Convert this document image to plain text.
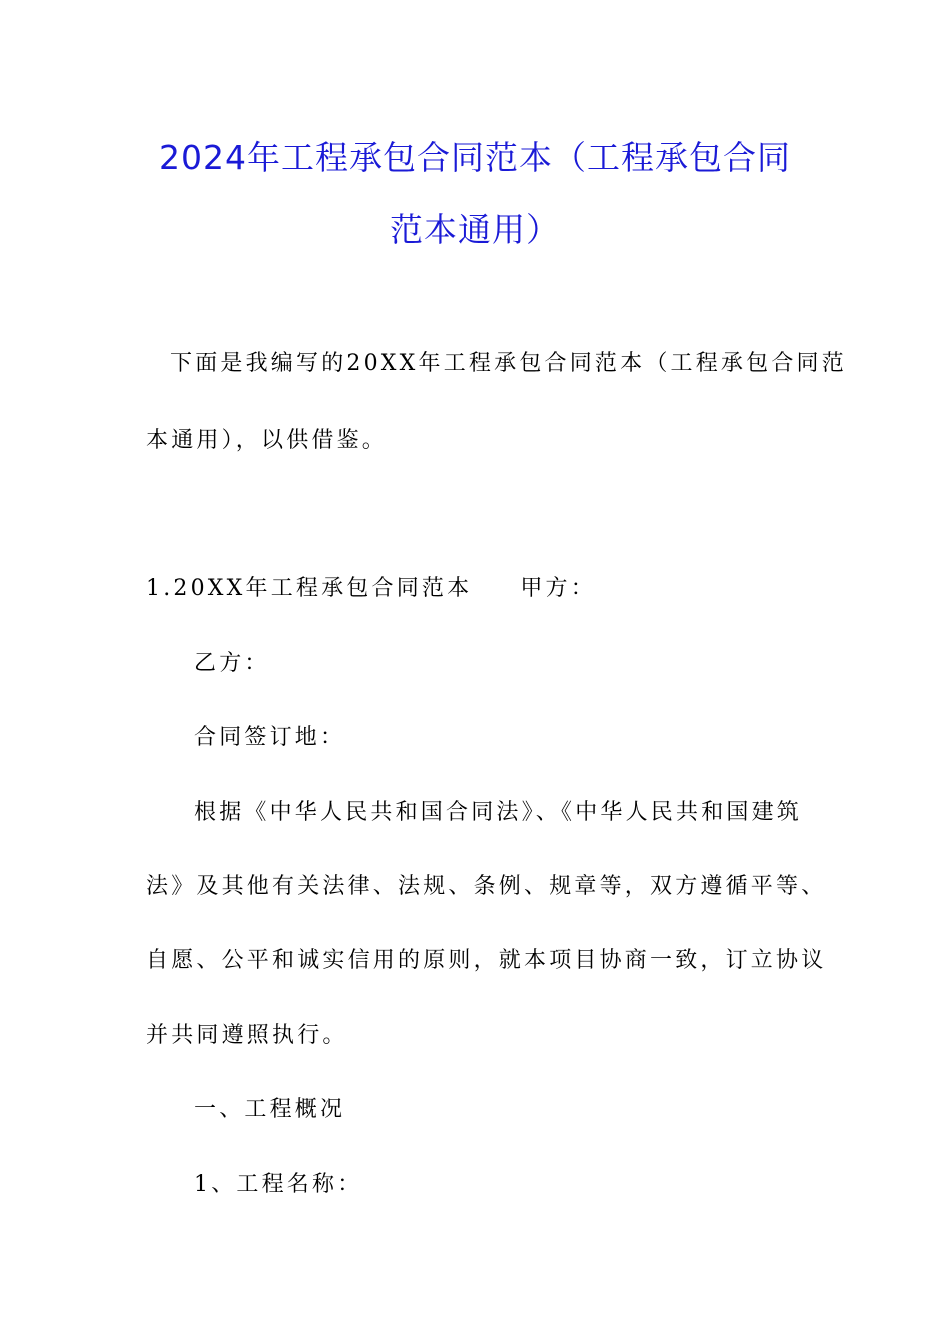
2024年工程承包合同范本（工程承包合同
范本通用）
下面是我编写的20XX年工程承包合同范本（工程承包合同范
本通用），以供借鉴。
1.20XX年工程承包合同范本 甲方：
乙方：
合同签订地：
根据《中华人民共和国合同法》、《中华人民共和国建筑
法》及其他有关法律、法规、条例、规章等，双方遵循平等、
自愿、公平和诚实信用的原则，就本项目协商一致，订立协议
并共同遵照执行。
一、工程概况
1、工程名称：
